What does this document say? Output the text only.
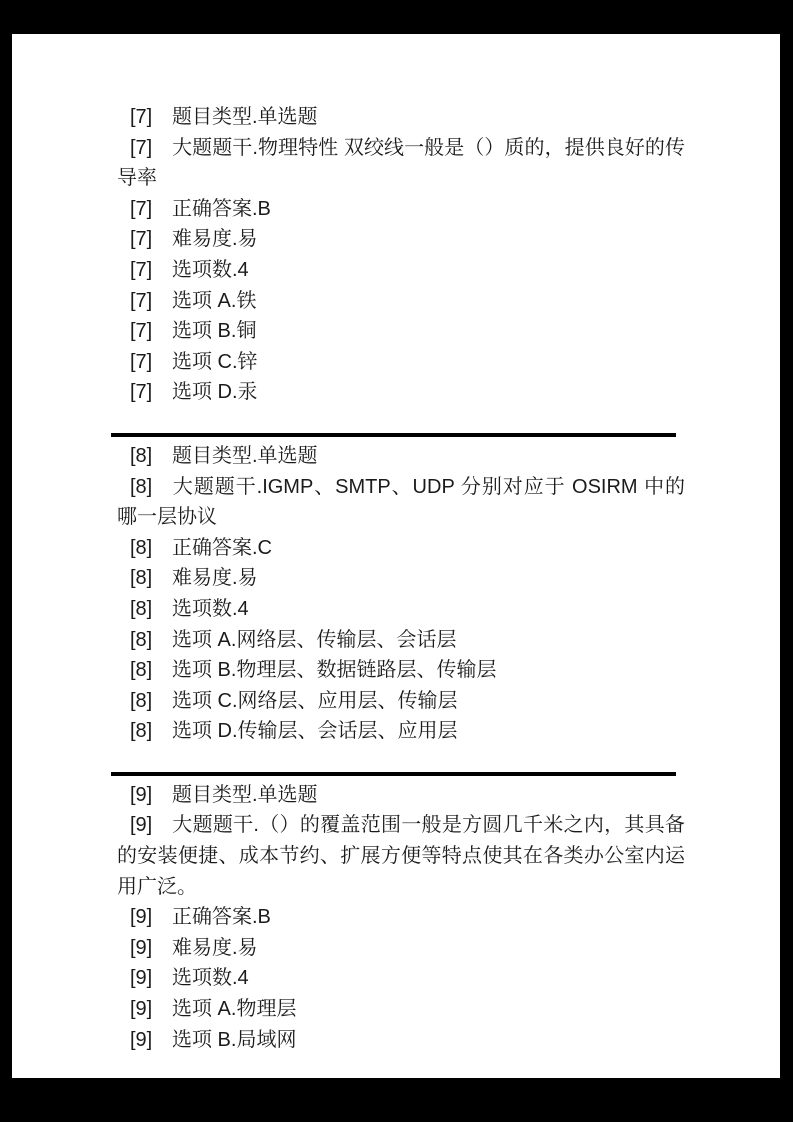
[7] 题目类型.单选题
[7] 大题题干.物理特性 双绞线一般是（）质的，提供良好的传导率
[7] 正确答案.B
[7] 难易度.易
[7] 选项数.4
[7] 选项 A.铁
[7] 选项 B.铜
[7] 选项 C.锌
[7] 选项 D.汞
[8] 题目类型.单选题
[8] 大题题干.IGMP、SMTP、UDP 分别对应于 OSIRM 中的哪一层协议
[8] 正确答案.C
[8] 难易度.易
[8] 选项数.4
[8] 选项 A.网络层、传输层、会话层
[8] 选项 B.物理层、数据链路层、传输层
[8] 选项 C.网络层、应用层、传输层
[8] 选项 D.传输层、会话层、应用层
[9] 题目类型.单选题
[9] 大题题干.（）的覆盖范围一般是方圆几千米之内，其具备的安装便捷、成本节约、扩展方便等特点使其在各类办公室内运用广泛。
[9] 正确答案.B
[9] 难易度.易
[9] 选项数.4
[9] 选项 A.物理层
[9] 选项 B.局域网
